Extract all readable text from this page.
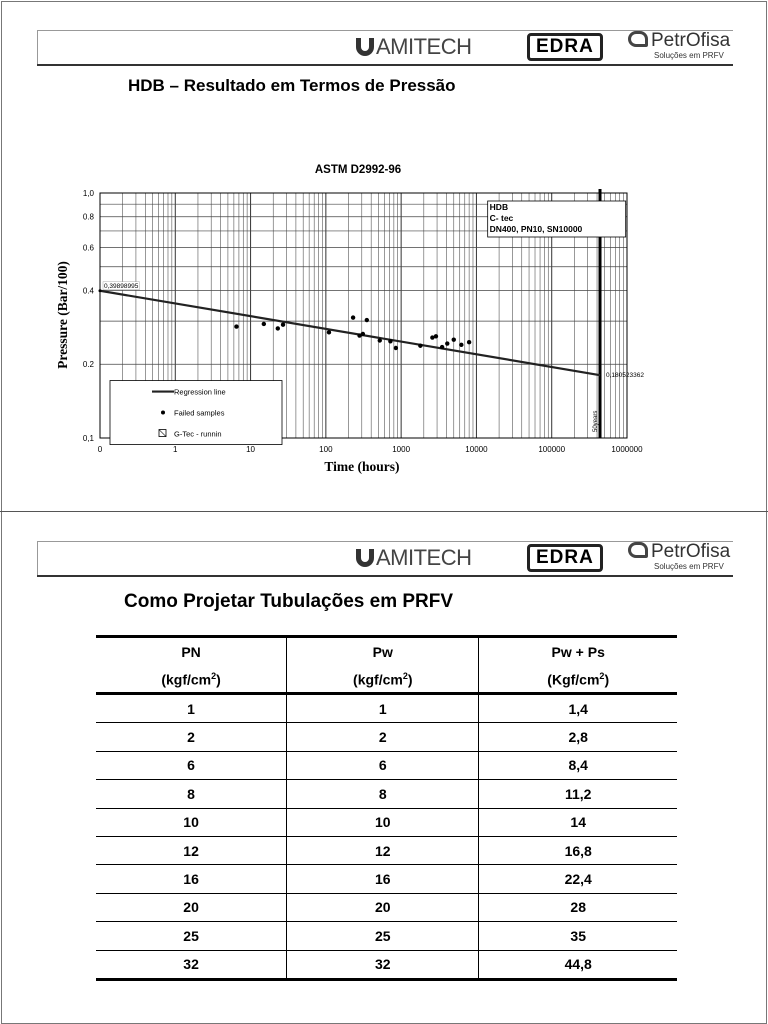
AMITECH	EDRA	PetrOfisa
Soluções em PRFV
HDB – Resultado em Termos de Pressão
0	1	10	100	1000	10000	100000	1000000
0,1
0.2
0.4
0.6
0.8
1,0
50years
ASTM D2992-96
Time (hours)
Pressure (Bar/100)	0,39898995
0,180523362
HDB
C- tec
DN400, PN10, SN10000
Regression line
Failed samples
G-Tec - runnin
AMITECH	EDRA	PetrOfisa
Soluções em PRFV
Como Projetar Tubulações em PRFV
PN	Pw	Pw + Ps
$(kgf/cm^2)$	$(kgf/cm^2)$	$(Kgf/cm^2)$
1	1	1,4
2	2	2,8
6	6	8,4
8	8	11,2
10	10	14
12	12	16,8
16	16	22,4
20	20	28
25	25	35
32	32	44,8
